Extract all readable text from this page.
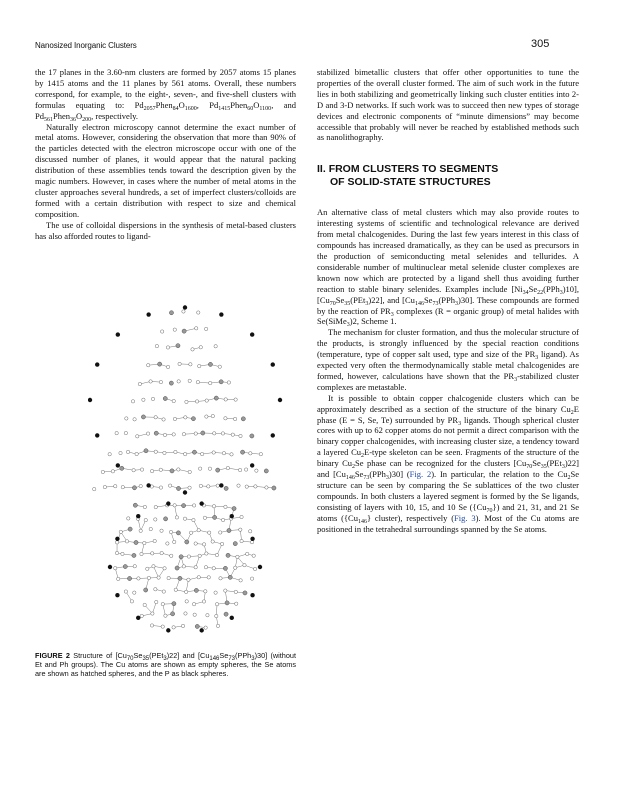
Nanosized Inorganic Clusters	305

the 17 planes in the 3.60-nm clusters are formed by 2057 atoms 15 planes by 1415 atoms and the 11 planes by 561 atoms. Overall, these numbers correspond, for example, to the eight-, seven-, and five-shell clusters with formulas equating to: $Pd_{2057}Phen_{84}O_{1600}$, $Pd_{1415}Phen_{60}O_{1100}$, and $Pd_{561}Phen_{36}O_{200}$, respectively.

Naturally electron microscopy cannot determine the exact number of metal atoms. However, considering the observation that more than 90% of the particles detected with the electron microscope occur with one of the discussed number of planes, it would appear that the natural packing distribution of these assemblies tends toward the description given by the magic numbers. However, in cases where the number of metal atoms in the cluster approaches several hundreds, a set of imperfect clusters/colloids are formed with a certain distribution with respect to size and chemical composition.

The use of colloidal dispersions in the synthesis of metal-based clusters has also afforded routes to ligand-

FIGURE 2 Structure of $[Cu_{70}Se_{35}(PEt_3)22]$ and $[Cu_{146}Se_{73}(PPh_3)30]$ (without Et and Ph groups). The Cu atoms are shown as empty spheres, the Se atoms are shown as hatched spheres, and the P as black spheres.

stabilized bimetallic clusters that offer other opportunities to tune the properties of the overall cluster formed. The aim of such work in the future lies in both stabilizing and geometrically linking such cluster entities into 2-D and 3-D networks. If such work was to succeed then new types of storage devices and electronic components of “minute dimensions” may become accessible that probably will never be reached by established methods such as nanolithography.

II. FROM CLUSTERS TO SEGMENTS
OF SOLID-STATE STRUCTURES

An alternative class of metal clusters which may also provide routes to interesting systems of scientific and technological relevance are derived from metal chalcogenides. During the last few years interest in this class of compounds has increased dramatically, as they can be used as precursors in the production of semiconducting metal selenides and tellurides. A considerable number of multinuclear metal selenide cluster complexes are known now which are protected by a ligand shell thus avoiding further reaction to stable binary selenides. Examples include $[Ni_{34}Se_{22}(PPh_3)10]$, $[Cu_{70}Se_{35}(PEt_3)22]$, and $[Cu_{146}Se_{73}(PPh_3)30]$. These compounds are formed by the reaction of $PR_3$ complexes (R = organic group) of metal halides with Se(SiMe$_3$)2, Scheme 1.

The mechanism for cluster formation, and thus the molecular structure of the products, is strongly influenced by the special reaction conditions (temperature, type of copper salt used, type and size of the $PR_3$ ligand). As expected very often the thermodynamically stable metal chalcogenides are formed, however, calculations have shown that the $PR_3$-stabilized cluster complexes are metastable.

It is possible to obtain copper chalcogenide clusters which can be approximately described as a section of the structure of the binary $Cu_2E$ phase (E = S, Se, Te) surrounded by $PR_3$ ligands. Though spherical cluster cores with up to 62 copper atoms do not permit a direct comparison with the binary copper chalcogenides, with increasing cluster size, a tendency toward a layered $Cu_2E$-type skeleton can be seen. Fragments of the structure of the binary $Cu_2Se$ phase can be recognized for the clusters $[Cu_{70}Se_{35}(PEt_3)22]$ and $[Cu_{146}Se_{73}(PPh_3)30]$ (Fig. 2). In particular, the relation to the $Cu_2Se$ structure can be seen by comparing the Se sublattices of the two cluster compounds. In both clusters a layered segment is formed by the Se ligands, consisting of layers with 10, 15, and 10 Se $(\{Cu_{70}\})$ and 21, 31, and 21 Se atoms ($\{Cu_{146}\}$ cluster), respectively (Fig. 3). Most of the Cu atoms are positioned in the tetrahedral surroundings spanned by the Se atoms.
